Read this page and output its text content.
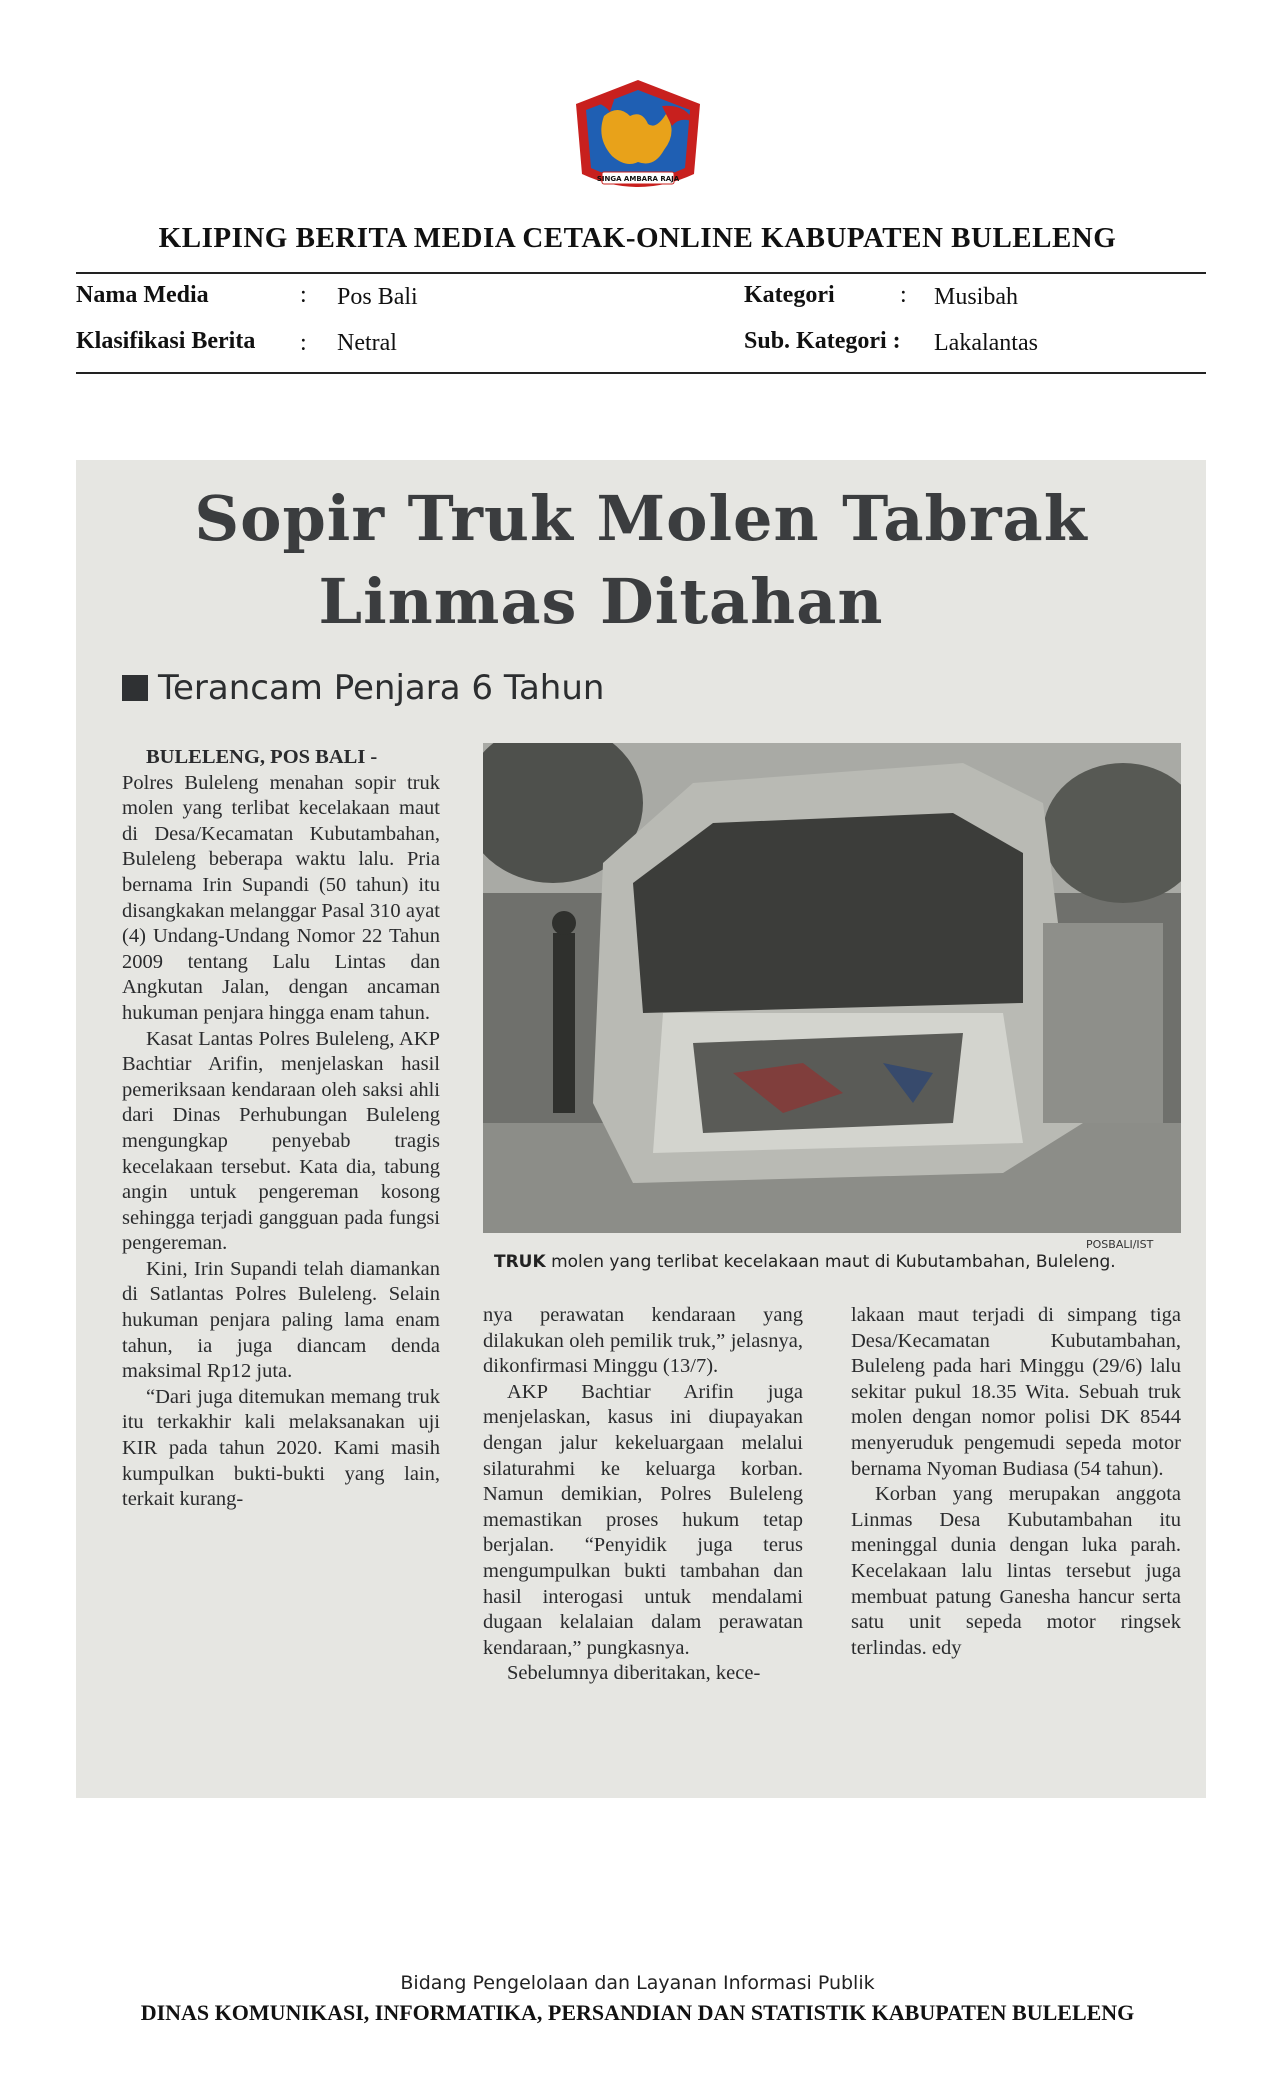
SINGA AMBARA RAJA
KLIPING BERITA MEDIA CETAK-ONLINE KABUPATEN BULELENG
Nama Media	: Pos Bali
Klasifikasi Berita : Netral
Kategori	: Musibah
Sub. Kategori : Lakalantas
Sopir Truk Molen Tabrak
Linmas Ditahan
Terancam Penjara 6 Tahun

BULELENG, POS BALI -

Polres Buleleng menahan sopir truk molen yang terlibat kecelakaan maut di Desa/Kecamatan Kubutambahan, Buleleng beberapa waktu lalu. Pria bernama Irin Supandi (50 tahun) itu disangkakan melanggar Pasal 310 ayat (4) Undang-Undang Nomor 22 Tahun 2009 tentang Lalu Lintas dan Angkutan Jalan, dengan ancaman hukuman penjara hingga enam tahun.

Kasat Lantas Polres Buleleng, AKP Bachtiar Arifin, menjelaskan hasil pemeriksaan kendaraan oleh saksi ahli dari Dinas Perhubungan Buleleng mengungkap penyebab tragis kecelakaan tersebut. Kata dia, tabung angin untuk pengereman kosong sehingga terjadi gangguan pada fungsi pengereman.

Kini, Irin Supandi telah diamankan di Satlantas Polres Buleleng. Selain hukuman penjara paling lama enam tahun, ia juga diancam denda maksimal Rp12 juta.

“Dari juga ditemukan memang truk itu terkakhir kali melaksanakan uji KIR pada tahun 2020. Kami masih kumpulkan bukti-bukti yang lain, terkait kurang-

POSBALI/IST
TRUK molen yang terlibat kecelakaan maut di Kubutambahan, Buleleng.

nya perawatan kendaraan yang dilakukan oleh pemilik truk,” jelasnya, dikonfirmasi Minggu (13/7).

AKP Bachtiar Arifin juga menjelaskan, kasus ini diupayakan dengan jalur kekeluargaan melalui silaturahmi ke keluarga korban. Namun demikian, Polres Buleleng memastikan proses hukum tetap berjalan. “Penyidik juga terus mengumpulkan bukti tambahan dan hasil interogasi untuk mendalami dugaan kelalaian dalam perawatan kendaraan,” pungkasnya.

Sebelumnya diberitakan, kece-

lakaan maut terjadi di simpang tiga Desa/Kecamatan Kubutambahan, Buleleng pada hari Minggu (29/6) lalu sekitar pukul 18.35 Wita. Sebuah truk molen dengan nomor polisi DK 8544 menyeruduk pengemudi sepeda motor bernama Nyoman Budiasa (54 tahun).

Korban yang merupakan anggota Linmas Desa Kubutambahan itu meninggal dunia dengan luka parah. Kecelakaan lalu lintas tersebut juga membuat patung Ganesha hancur serta satu unit sepeda motor ringsek terlindas. edy

Bidang Pengelolaan dan Layanan Informasi Publik
DINAS KOMUNIKASI, INFORMATIKA, PERSANDIAN DAN STATISTIK KABUPATEN BULELENG
